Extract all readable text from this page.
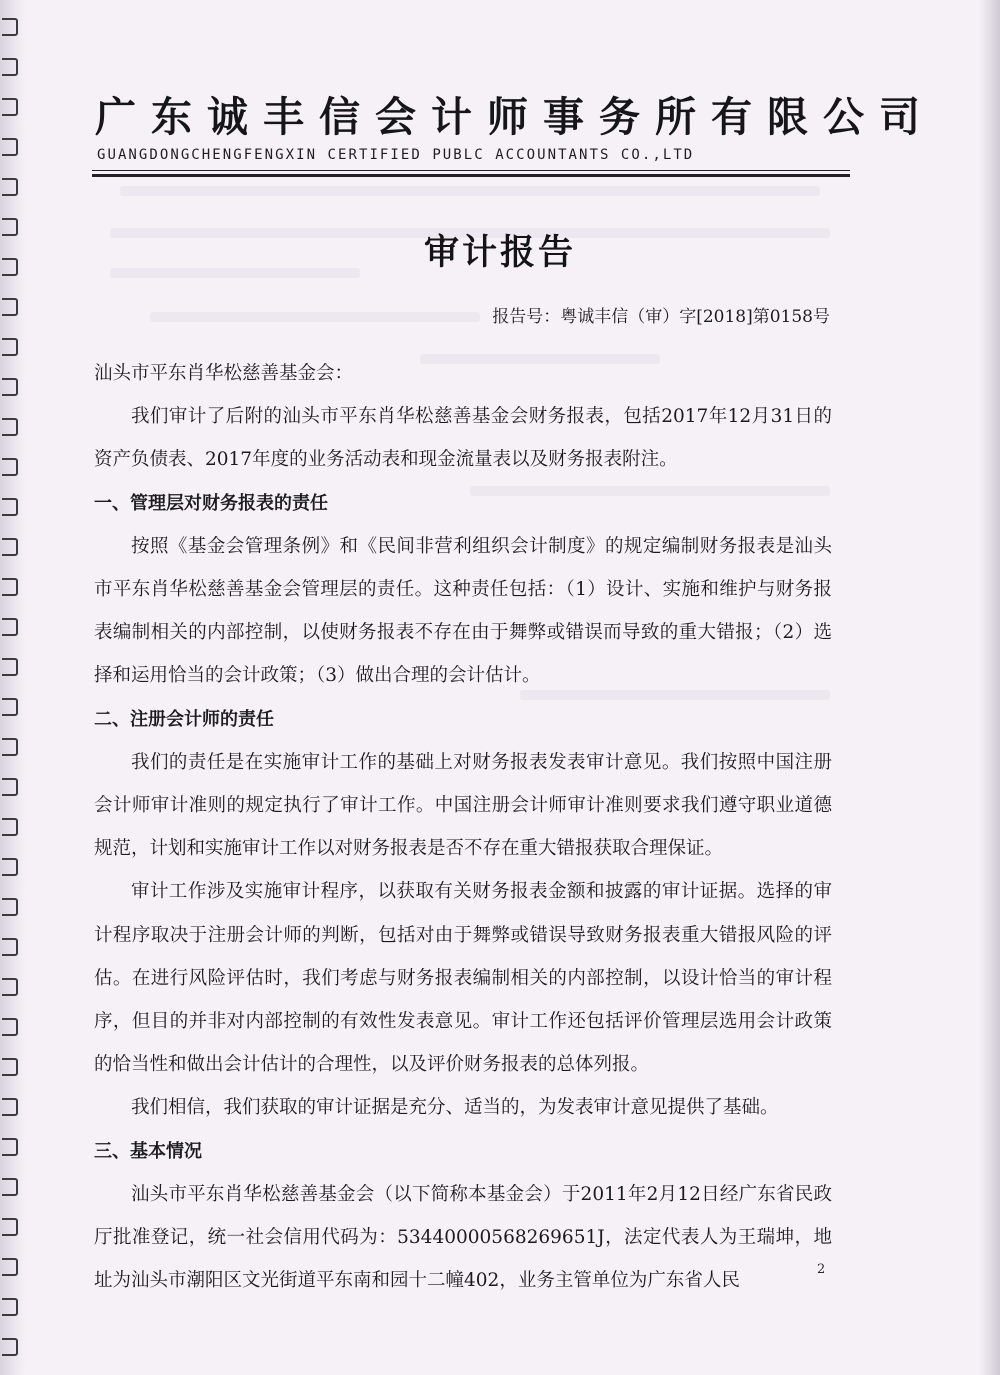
广东诚丰信会计师事务所有限公司
GUANGDONGCHENGFENGXIN CERTIFIED PUBLC ACCOUNTANTS CO.,LTD
审计报告
报告号：粤诚丰信（审）字[2018]第0158号

汕头市平东肖华松慈善基金会：

我们审计了后附的汕头市平东肖华松慈善基金会财务报表，包括2017年12月31日的资产负债表、2017年度的业务活动表和现金流量表以及财务报表附注。

一、管理层对财务报表的责任

按照《基金会管理条例》和《民间非营利组织会计制度》的规定编制财务报表是汕头市平东肖华松慈善基金会管理层的责任。这种责任包括：（1）设计、实施和维护与财务报表编制相关的内部控制，以使财务报表不存在由于舞弊或错误而导致的重大错报；（2）选择和运用恰当的会计政策；（3）做出合理的会计估计。

二、注册会计师的责任

我们的责任是在实施审计工作的基础上对财务报表发表审计意见。我们按照中国注册会计师审计准则的规定执行了审计工作。中国注册会计师审计准则要求我们遵守职业道德规范，计划和实施审计工作以对财务报表是否不存在重大错报获取合理保证。

审计工作涉及实施审计程序，以获取有关财务报表金额和披露的审计证据。选择的审计程序取决于注册会计师的判断，包括对由于舞弊或错误导致财务报表重大错报风险的评估。在进行风险评估时，我们考虑与财务报表编制相关的内部控制，以设计恰当的审计程序，但目的并非对内部控制的有效性发表意见。审计工作还包括评价管理层选用会计政策的恰当性和做出会计估计的合理性，以及评价财务报表的总体列报。

我们相信，我们获取的审计证据是充分、适当的，为发表审计意见提供了基础。

三、基本情况

汕头市平东肖华松慈善基金会（以下简称本基金会）于2011年2月12日经广东省民政厅批准登记，统一社会信用代码为：53440000568269651J，法定代表人为王瑞坤，地址为汕头市潮阳区文光街道平东南和园十二幢402，业务主管单位为广东省人民

2
